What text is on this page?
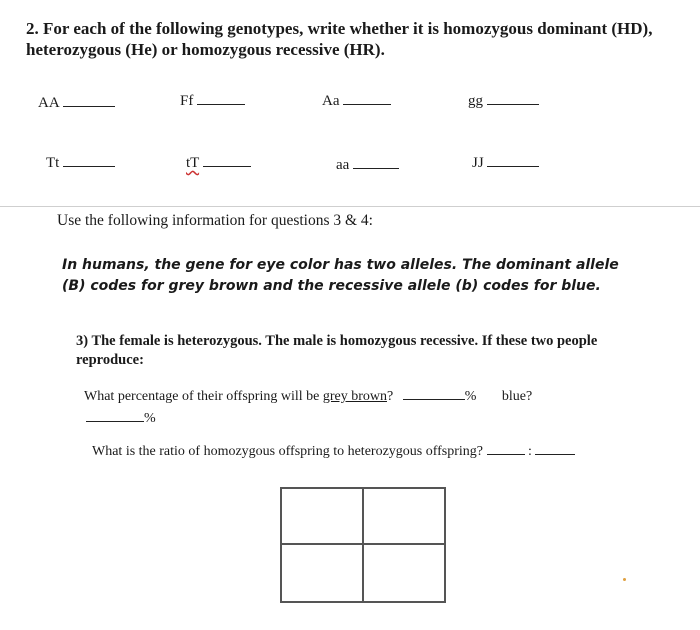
2. For each of the following genotypes, write whether it is homozygous dominant (HD), heterozygous (He) or homozygous recessive (HR).
AA	Ff	Aa	gg
Tt	tT	aa	JJ
Use the following information for questions 3 & 4:
In humans, the gene for eye color has two alleles. The dominant allele (B) codes for grey brown and the recessive allele (b) codes for blue.
3) The female is heterozygous. The male is homozygous recessive. If these two people reproduce:
What percentage of their offspring will be grey brown?	% blue?
%
What is the ratio of homozygous offspring to heterozygous offspring?	:
